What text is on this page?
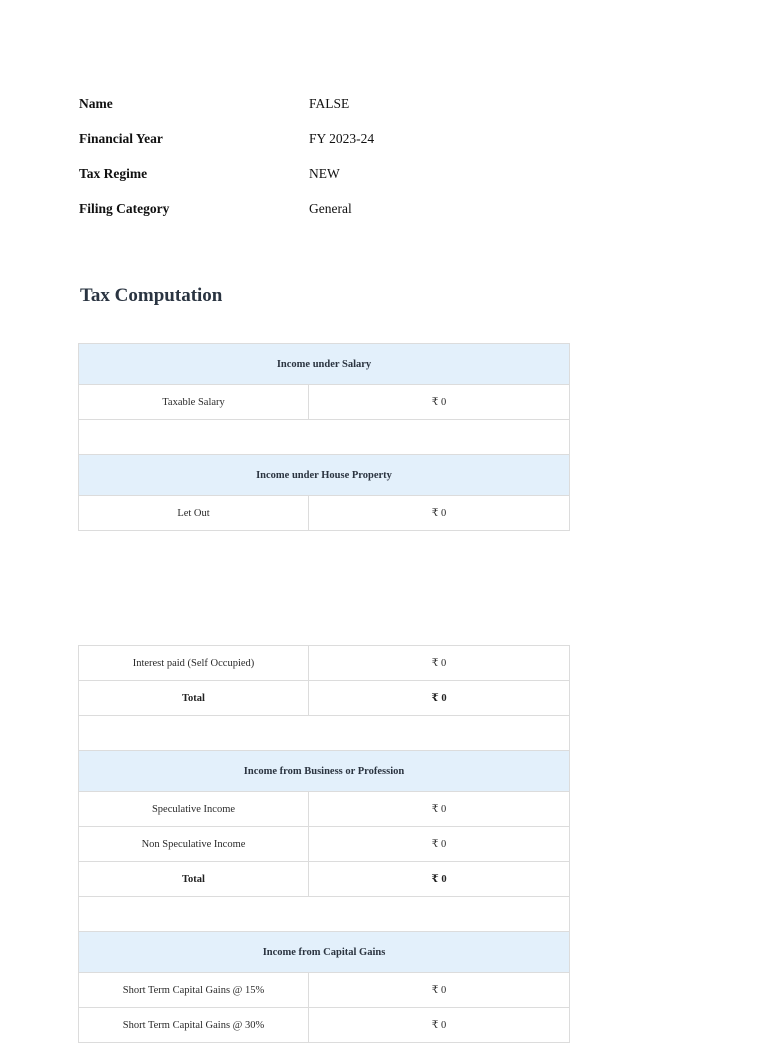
Name	FALSE
Financial Year	FY 2023-24
Tax Regime	NEW
Filing Category	General
Tax Computation
Income under Salary	
Taxable Salary	₹ 0

Income under House Property	
Let Out	₹ 0
Interest paid (Self Occupied)	₹ 0
Total	₹ 0

Income from Business or Profession	
Speculative Income	₹ 0
Non Speculative Income	₹ 0
Total	₹ 0

Income from Capital Gains	
Short Term Capital Gains @ 15%	₹ 0
Short Term Capital Gains @ 30%	₹ 0
